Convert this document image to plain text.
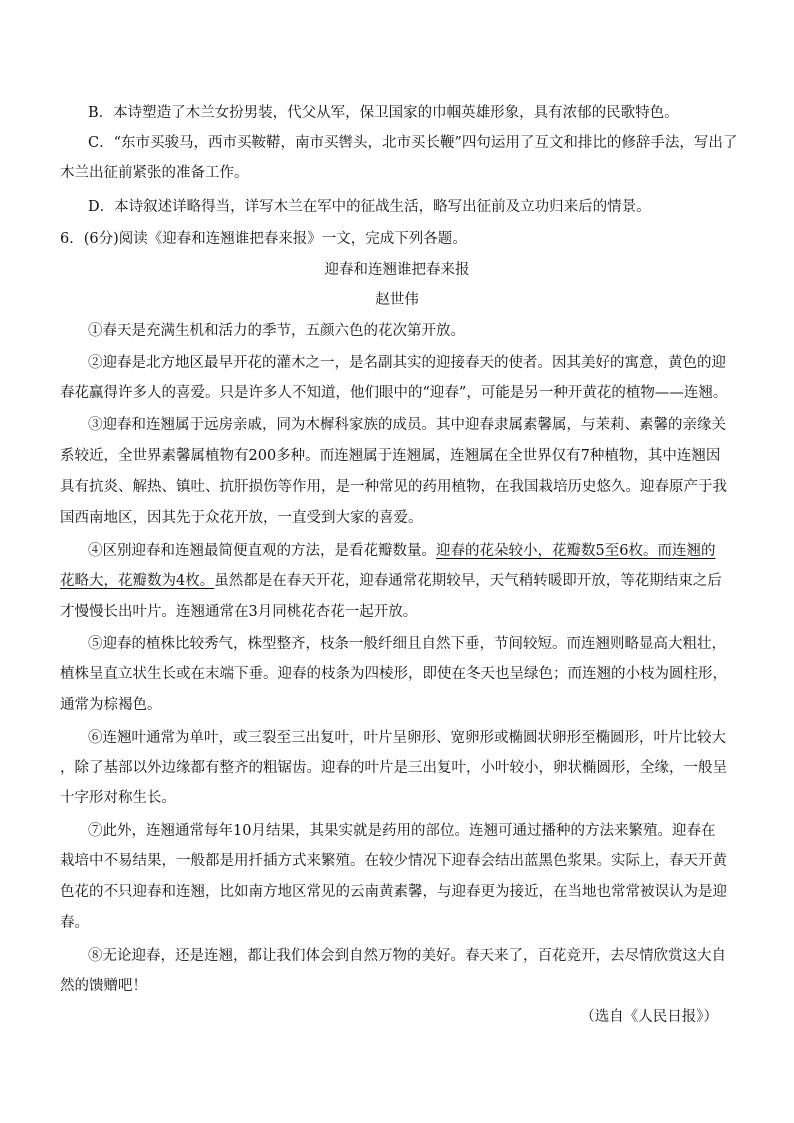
B．本诗塑造了木兰女扮男装，代父从军，保卫国家的巾帼英雄形象，具有浓郁的民歌特色。
C．“东市买骏马，西市买鞍鞯，南市买辔头，北市买长鞭”四句运用了互文和排比的修辞手法，写出了
木兰出征前紧张的准备工作。
D．本诗叙述详略得当，详写木兰在军中的征战生活，略写出征前及立功归来后的情景。
6．(6分)阅读《迎春和连翘谁把春来报》一文，完成下列各题。
迎春和连翘谁把春来报
赵世伟
①春天是充满生机和活力的季节，五颜六色的花次第开放。
②迎春是北方地区最早开花的灌木之一，是名副其实的迎接春天的使者。因其美好的寓意，黄色的迎
春花赢得许多人的喜爱。只是许多人不知道，他们眼中的“迎春”，可能是另一种开黄花的植物——连翘。
③迎春和连翘属于远房亲戚，同为木樨科家族的成员。其中迎春隶属素馨属，与茉莉、素馨的亲缘关
系较近，全世界素馨属植物有200多种。而连翘属于连翘属，连翘属在全世界仅有7种植物，其中连翘因
具有抗炎、解热、镇吐、抗肝损伤等作用，是一种常见的药用植物，在我国栽培历史悠久。迎春原产于我
国西南地区，因其先于众花开放，一直受到大家的喜爱。
④区别迎春和连翘最简便直观的方法，是看花瓣数量。迎春的花朵较小，花瓣数5至6枚。而连翘的
花略大，花瓣数为4枚。虽然都是在春天开花，迎春通常花期较早，天气稍转暖即开放，等花期结束之后
才慢慢长出叶片。连翘通常在3月同桃花杏花一起开放。
⑤迎春的植株比较秀气，株型整齐，枝条一般纤细且自然下垂，节间较短。而连翘则略显高大粗壮，
植株呈直立状生长或在末端下垂。迎春的枝条为四棱形，即使在冬天也呈绿色；而连翘的小枝为圆柱形，
通常为棕褐色。
⑥连翘叶通常为单叶，或三裂至三出复叶，叶片呈卵形、宽卵形或椭圆状卵形至椭圆形，叶片比较大
，除了基部以外边缘都有整齐的粗锯齿。迎春的叶片是三出复叶，小叶较小，卵状椭圆形，全缘，一般呈
十字形对称生长。
⑦此外，连翘通常每年10月结果，其果实就是药用的部位。连翘可通过播种的方法来繁殖。迎春在
栽培中不易结果，一般都是用扦插方式来繁殖。在较少情况下迎春会结出蓝黑色浆果。实际上，春天开黄
色花的不只迎春和连翘，比如南方地区常见的云南黄素馨，与迎春更为接近，在当地也常常被误认为是迎
春。
⑧无论迎春，还是连翘，都让我们体会到自然万物的美好。春天来了，百花竞开，去尽情欣赏这大自
然的馈赠吧！
（选自《人民日报》）
